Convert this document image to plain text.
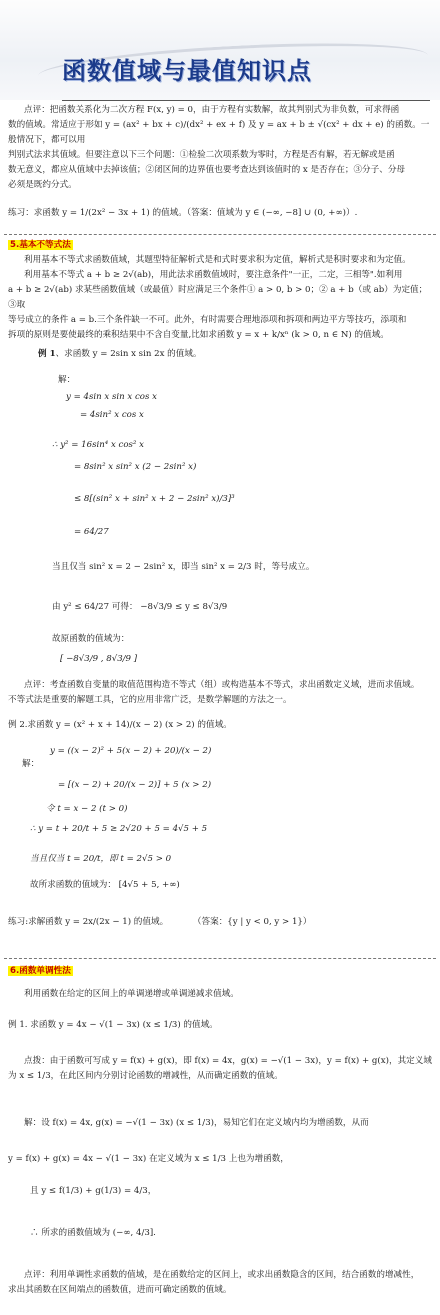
函数值域与最值知识点

点评：把函数关系化为二次方程 F(x, y) = 0，由于方程有实数解，故其判别式为非负数，可求得函

数的值域。常适应于形如 y = (ax² + bx + c)/(dx² + ex + f) 及 y = ax + b ± √(cx² + dx + e) 的函数。一般情况下，都可以用

判别式法求其值域。但要注意以下三个问题：①检验二次项系数为零时，方程是否有解，若无解或是函

数无意义，都应从值域中去掉该值；②闭区间的边界值也要考查达到该值时的 x 是否存在；③分子、分母

必须是既约分式。

练习：求函数 y = 1/(2x² − 3x + 1) 的值域。（答案：值域为 y ∈ (−∞, −8] ∪ (0, +∞)）.

5.基本不等式法

利用基本不等式求函数值域，其题型特征解析式是和式时要求积为定值，解析式是积时要求和为定值。

利用基本不等式 a + b ≥ 2√(ab)，用此法求函数值域时，要注意条件"一正，二定，三相等".如利用

a + b ≥ 2√(ab) 求某些函数值域（或最值）时应满足三个条件① a > 0, b > 0；② a + b（或 ab）为定值；③取

等号成立的条件 a = b.三个条件缺一不可。此外，有时需要合理地添项和拆项和两边平方等技巧，添项和

拆项的原则是要使最终的乘积结果中不含自变量,比如求函数 y = x + k/xⁿ (k > 0, n ∈ N) 的值域。

例 1、求函数 y = 2sin x sin 2x 的值域。
解：
y = 4sin x sin x cos x
= 4sin² x cos x
∴ y² = 16sin⁴ x cos² x
= 8sin² x sin² x (2 − 2sin² x)
≤ 8[(sin² x + sin² x + 2 − 2sin² x)/3]³
= 64/27
当且仅当 sin² x = 2 − 2sin² x，即当 sin² x = 2/3 时，等号成立。
由 y² ≤ 64/27 可得： −8√3/9 ≤ y ≤ 8√3/9
故原函数的值域为：
[ −8√3/9 , 8√3/9 ]

点评：考查函数自变量的取值范围构造不等式（组）或构造基本不等式，求出函数定义域，进而求值域。

不等式法是重要的解题工具，它的应用非常广泛，是数学解题的方法之一。

例 2.求函数 y = (x² + x + 14)/(x − 2) (x > 2) 的值域。
解：
y = ((x − 2)² + 5(x − 2) + 20)/(x − 2)
= [(x − 2) + 20/(x − 2)] + 5 (x > 2)
令 t = x − 2 (t > 0)
∴ y = t + 20/t + 5 ≥ 2√20 + 5 = 4√5 + 5
当且仅当 t = 20/t，即 t = 2√5 > 0
故所求函数的值域为： [4√5 + 5, +∞)
练习:求解函数 y = 2x/(2x − 1) 的值域。	（答案：{y | y < 0, y > 1}）

6.函数单调性法

利用函数在给定的区间上的单调递增或单调递减求值域。

例 1. 求函数 y = 4x − √(1 − 3x) (x ≤ 1/3) 的值域。

点拨：由于函数可写成 y = f(x) + g(x)，即 f(x) = 4x，g(x) = −√(1 − 3x)，y = f(x) + g(x)，其定义域

为 x ≤ 1/3，在此区间内分别讨论函数的增减性，从而确定函数的值域。

解：设 f(x) = 4x, g(x) = −√(1 − 3x) (x ≤ 1/3)，易知它们在定义域内均为增函数，从而
y = f(x) + g(x) = 4x − √(1 − 3x) 在定义域为 x ≤ 1/3 上也为增函数，
且 y ≤ f(1/3) + g(1/3) = 4/3，
∴ 所求的函数值域为 (−∞, 4/3].

点评：利用单调性求函数的值域，是在函数给定的区间上，或求出函数隐含的区间，结合函数的增减性，

求出其函数在区间端点的函数值，进而可确定函数的值域。
